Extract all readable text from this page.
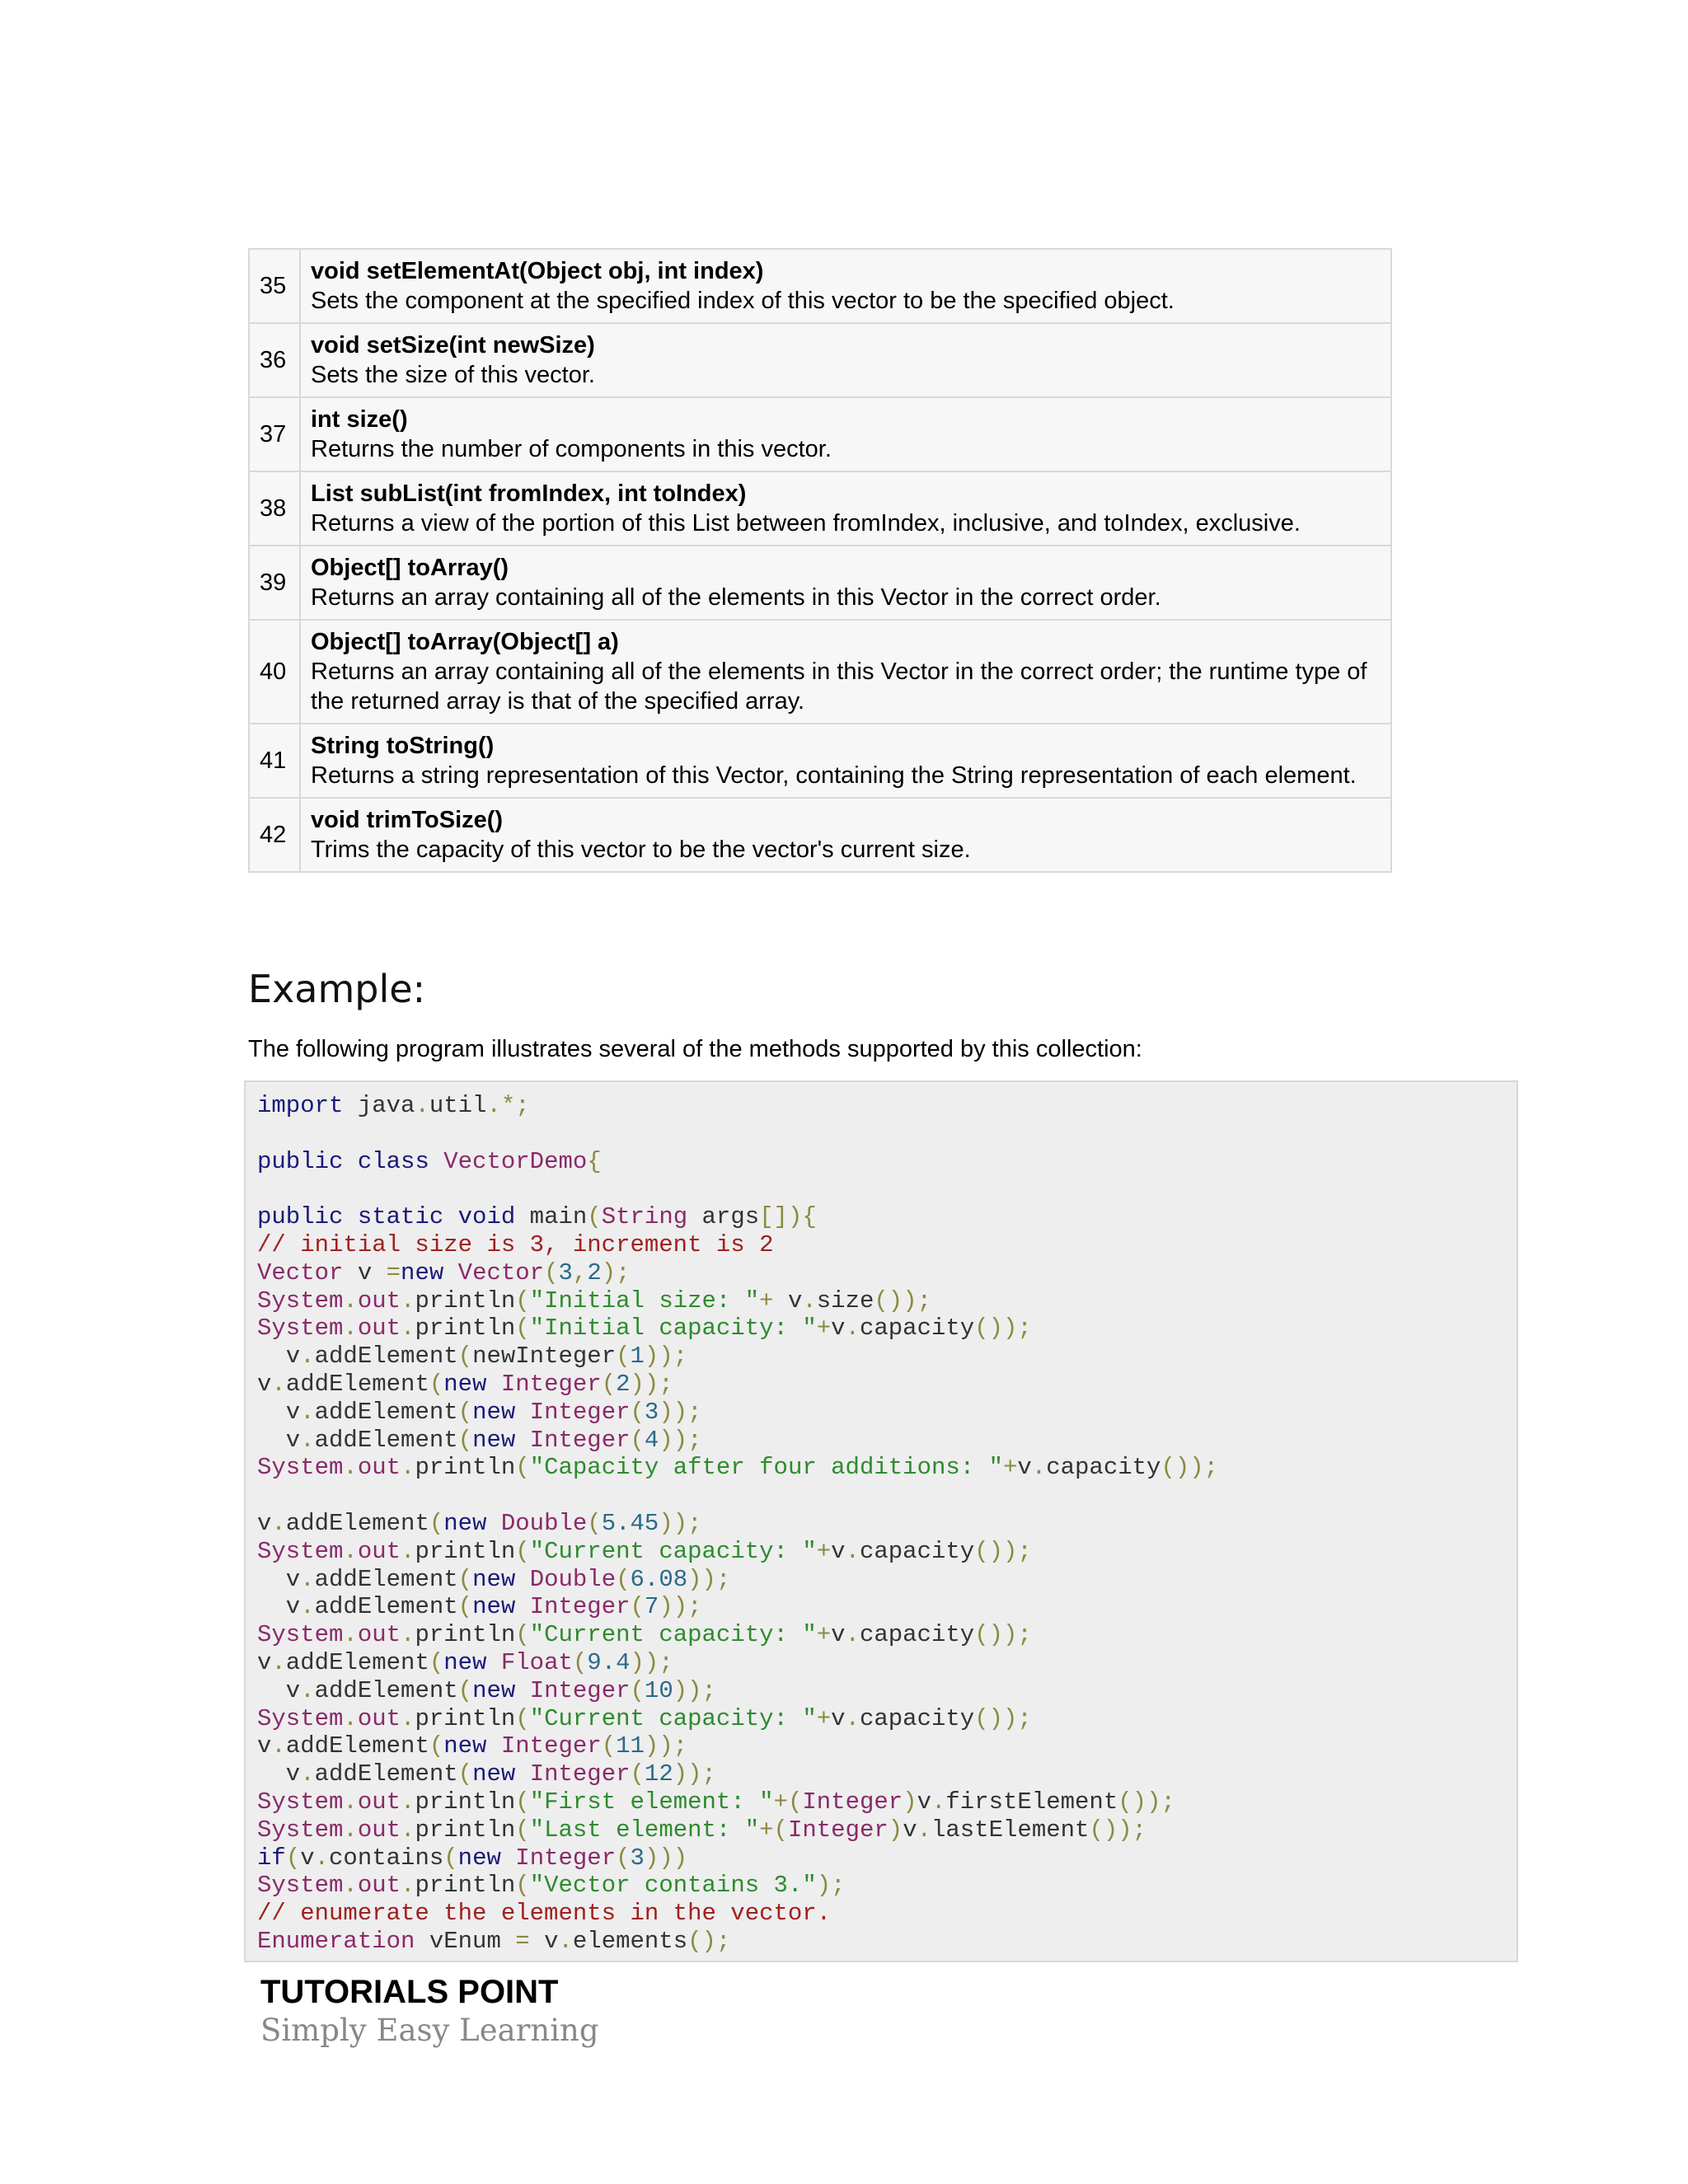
35	void setElementAt(Object obj, int index)
Sets the component at the specified index of this vector to be the specified object.

36	void setSize(int newSize)
Sets the size of this vector.

37	int size()
Returns the number of components in this vector.

38	List subList(int fromIndex, int toIndex)
Returns a view of the portion of this List between fromIndex, inclusive, and toIndex, exclusive.

39	Object[] toArray()
Returns an array containing all of the elements in this Vector in the correct order.

40	Object[] toArray(Object[] a)
Returns an array containing all of the elements in this Vector in the correct order; the runtime type of the returned array is that of the specified array.

41	String toString()
Returns a string representation of this Vector, containing the String representation of each element.

42	void trimToSize()
Trims the capacity of this vector to be the vector's current size.
Example:

The following program illustrates several of the methods supported by this collection:

import java.util.*;

public class VectorDemo{

public static void main(String args[]){
// initial size is 3, increment is 2
Vector v =new Vector(3,2);
System.out.println("Initial size: "+ v.size());
System.out.println("Initial capacity: "+v.capacity());
v.addElement(newInteger(1));
v.addElement(new Integer(2));
v.addElement(new Integer(3));
v.addElement(new Integer(4));
System.out.println("Capacity after four additions: "+v.capacity());

v.addElement(new Double(5.45));
System.out.println("Current capacity: "+v.capacity());
v.addElement(new Double(6.08));
v.addElement(new Integer(7));
System.out.println("Current capacity: "+v.capacity());
v.addElement(new Float(9.4));
v.addElement(new Integer(10));
System.out.println("Current capacity: "+v.capacity());
v.addElement(new Integer(11));
v.addElement(new Integer(12));
System.out.println("First element: "+(Integer)v.firstElement());
System.out.println("Last element: "+(Integer)v.lastElement());
if(v.contains(new Integer(3)))
System.out.println("Vector contains 3.");
// enumerate the elements in the vector.
Enumeration vEnum = v.elements();

TUTORIALS POINT
Simply Easy Learning
